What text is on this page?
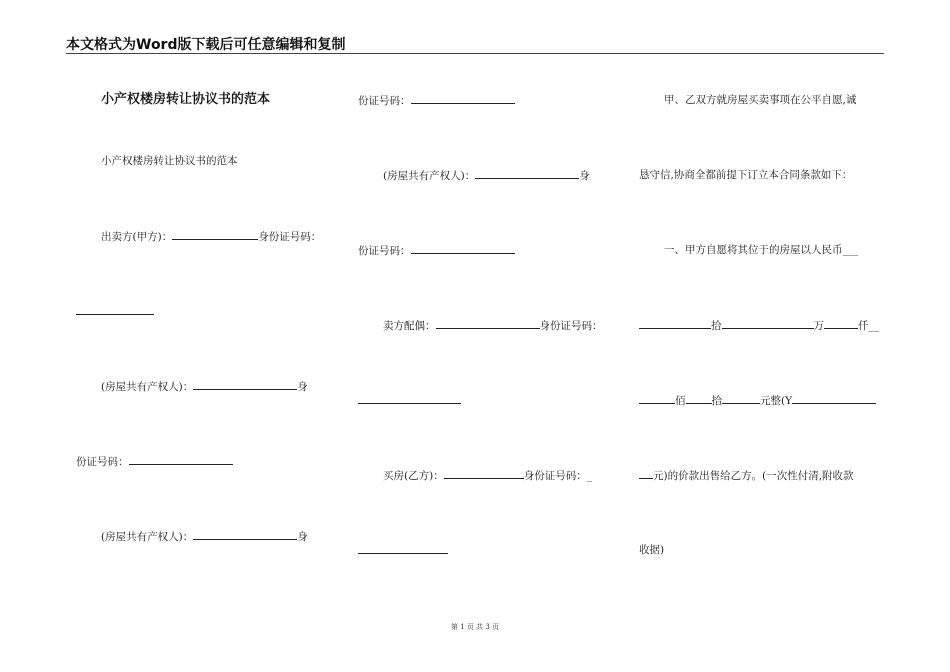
本文格式为Word版下载后可任意编辑和复制
小产权楼房转让协议书的范本
小产权楼房转让协议书的范本
出卖方(甲方)：	身份证号码：
(房屋共有产权人)：	身
份证号码：
(房屋共有产权人)：	身
份证号码：
(房屋共有产权人)：	身
份证号码：
卖方配偶：	身份证号码：
买房(乙方)：	身份证号码：_
甲、乙双方就房屋买卖事项在公平自愿,诚
恳守信,协商全都前提下订立本合同条款如下：
一、甲方自愿将其位于的房屋以人民币___
拾	万	仟__
佰 拾	元整(Y
元)的价款出售给乙方。(一次性付清,附收款
收据)
第 1 页 共 3 页
